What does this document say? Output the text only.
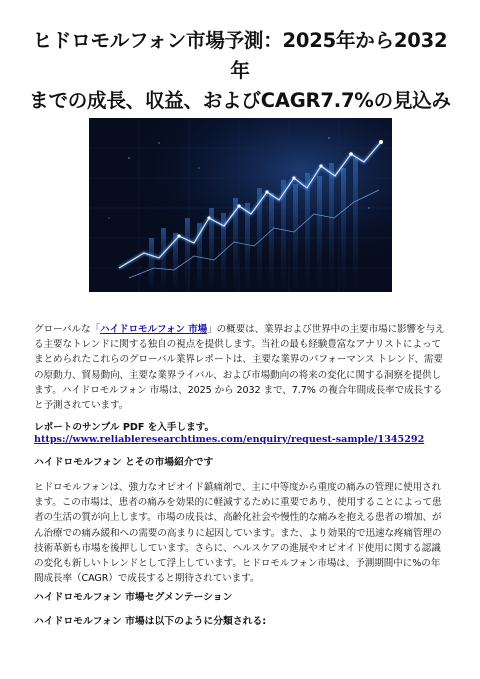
ヒドロモルフォン市場予測：2025年から2032年
までの成長、収益、およびCAGR7.7%の見込み

グローバルな「ハイドロモルフォン 市場」の概要は、業界および世界中の主要市場に影響を与える主要なトレンドに関する独自の視点を提供します。当社の最も経験豊富なアナリストによってまとめられたこれらのグローバル業界レポートは、主要な業界のパフォーマンス トレンド、需要の原動力、貿易動向、主要な業界ライバル、および市場動向の将来の変化に関する洞察を提供します。ハイドロモルフォン 市場は、2025 から 2032 まで、7.7% の複合年間成長率で成長すると予測されています。

レポートのサンプル PDF を入手します。 https://www.reliableresearchtimes.com/enquiry/request-sample/1345292
ハイドロモルフォン とその市場紹介です

ヒドロモルフォンは、強力なオピオイド鎮痛剤で、主に中等度から重度の痛みの管理に使用されます。この市場は、患者の痛みを効果的に軽減するために重要であり、使用することによって患者の生活の質が向上します。市場の成長は、高齢化社会や慢性的な痛みを抱える患者の増加、がん治療での痛み緩和への需要の高まりに起因しています。また、より効果的で迅速な疼痛管理の技術革新も市場を後押ししています。さらに、ヘルスケアの進展やオピオイド使用に関する認識の変化も新しいトレンドとして浮上しています。ヒドロモルフォン市場は、予測期間中に%の年間成長率（CAGR）で成長すると期待されています。

ハイドロモルフォン 市場セグメンテーション
ハイドロモルフォン 市場は以下のように分類される:
